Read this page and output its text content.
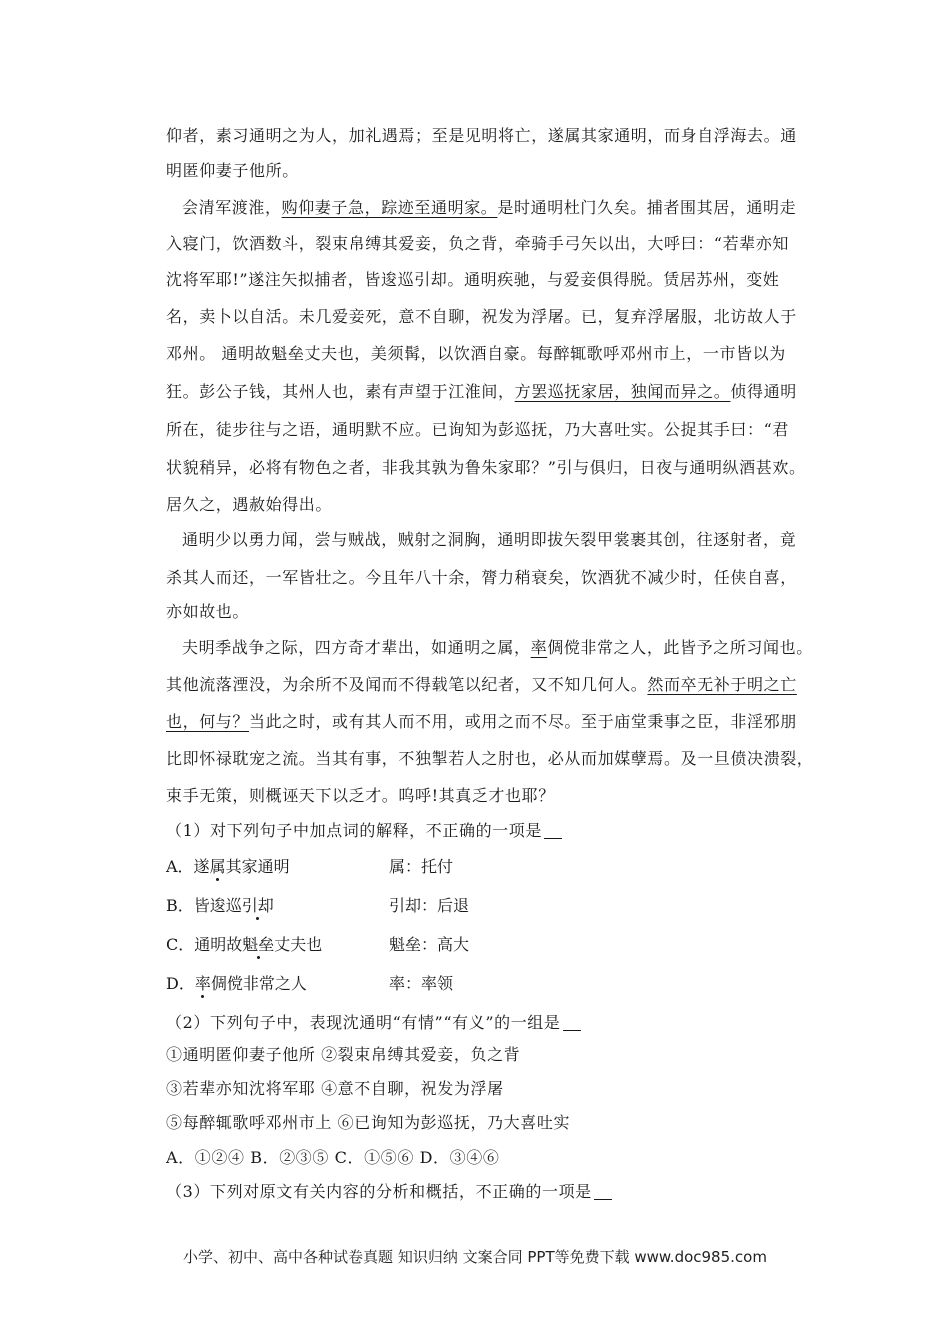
仰者，素习通明之为人，加礼遇焉；至是见明将亡，遂属其家通明，而身自浮海去。通
明匿仰妻子他所。
会清军渡淮，购仰妻子急，踪迹至通明家。是时通明杜门久矣。捕者围其居，通明走
入寝门，饮酒数斗，裂束帛缚其爱妾，负之背，牵骑手弓矢以出，大呼曰：“若辈亦知
沈将军耶!”遂注矢拟捕者，皆逡巡引却。通明疾驰，与爱妾俱得脱。赁居苏州，变姓
名，卖卜以自活。未几爱妾死，意不自聊，祝发为浮屠。已，复弃浮屠服，北访故人于
邓州。 通明故魁垒丈夫也，美须髯，以饮酒自豪。每醉辄歌呼邓州市上，一市皆以为
狂。彭公子钱，其州人也，素有声望于江淮间，方罢巡抚家居，独闻而异之。侦得通明
所在，徒步往与之语，通明默不应。已询知为彭巡抚，乃大喜吐实。公捉其手曰：“君
状貌稍异，必将有物色之者，非我其孰为鲁朱家耶？”引与俱归，日夜与通明纵酒甚欢。
居久之，遇赦始得出。
通明少以勇力闻，尝与贼战，贼射之洞胸，通明即拔矢裂甲裳裹其创，往逐射者，竟
杀其人而还，一军皆壮之。今且年八十余，膂力稍衰矣，饮酒犹不减少时，任侠自喜，
亦如故也。
夫明季战争之际，四方奇才辈出，如通明之属，率倜傥非常之人，此皆予之所习闻也。
其他流落湮没，为余所不及闻而不得载笔以纪者，又不知几何人。然而卒无补于明之亡
也，何与？当此之时，或有其人而不用，或用之而不尽。至于庙堂秉事之臣，非淫邪朋
比即怀禄耽宠之流。当其有事，不独掣若人之肘也，必从而加媒孽焉。及一旦偾决溃裂，
束手无策，则概诬天下以乏才。呜呼!其真乏才也耶？
（1）对下列句子中加点词的解释，不正确的一项是
A．遂属其家通明	属：托付
B．皆逡巡引却	引却：后退
C．通明故魁垒丈夫也	魁垒：高大
D．率倜傥非常之人	率：率领
（2）下列句子中，表现沈通明“有情”“有义”的一组是
①通明匿仰妻子他所 ②裂束帛缚其爱妾，负之背
③若辈亦知沈将军耶 ④意不自聊，祝发为浮屠
⑤每醉辄歌呼邓州市上 ⑥已询知为彭巡抚，乃大喜吐实
A．①②④ B．②③⑤ C．①⑤⑥ D．③④⑥
（3）下列对原文有关内容的分析和概括，不正确的一项是
小学、初中、高中各种试卷真题 知识归纳 文案合同 PPT等免费下载 www.doc985.com
